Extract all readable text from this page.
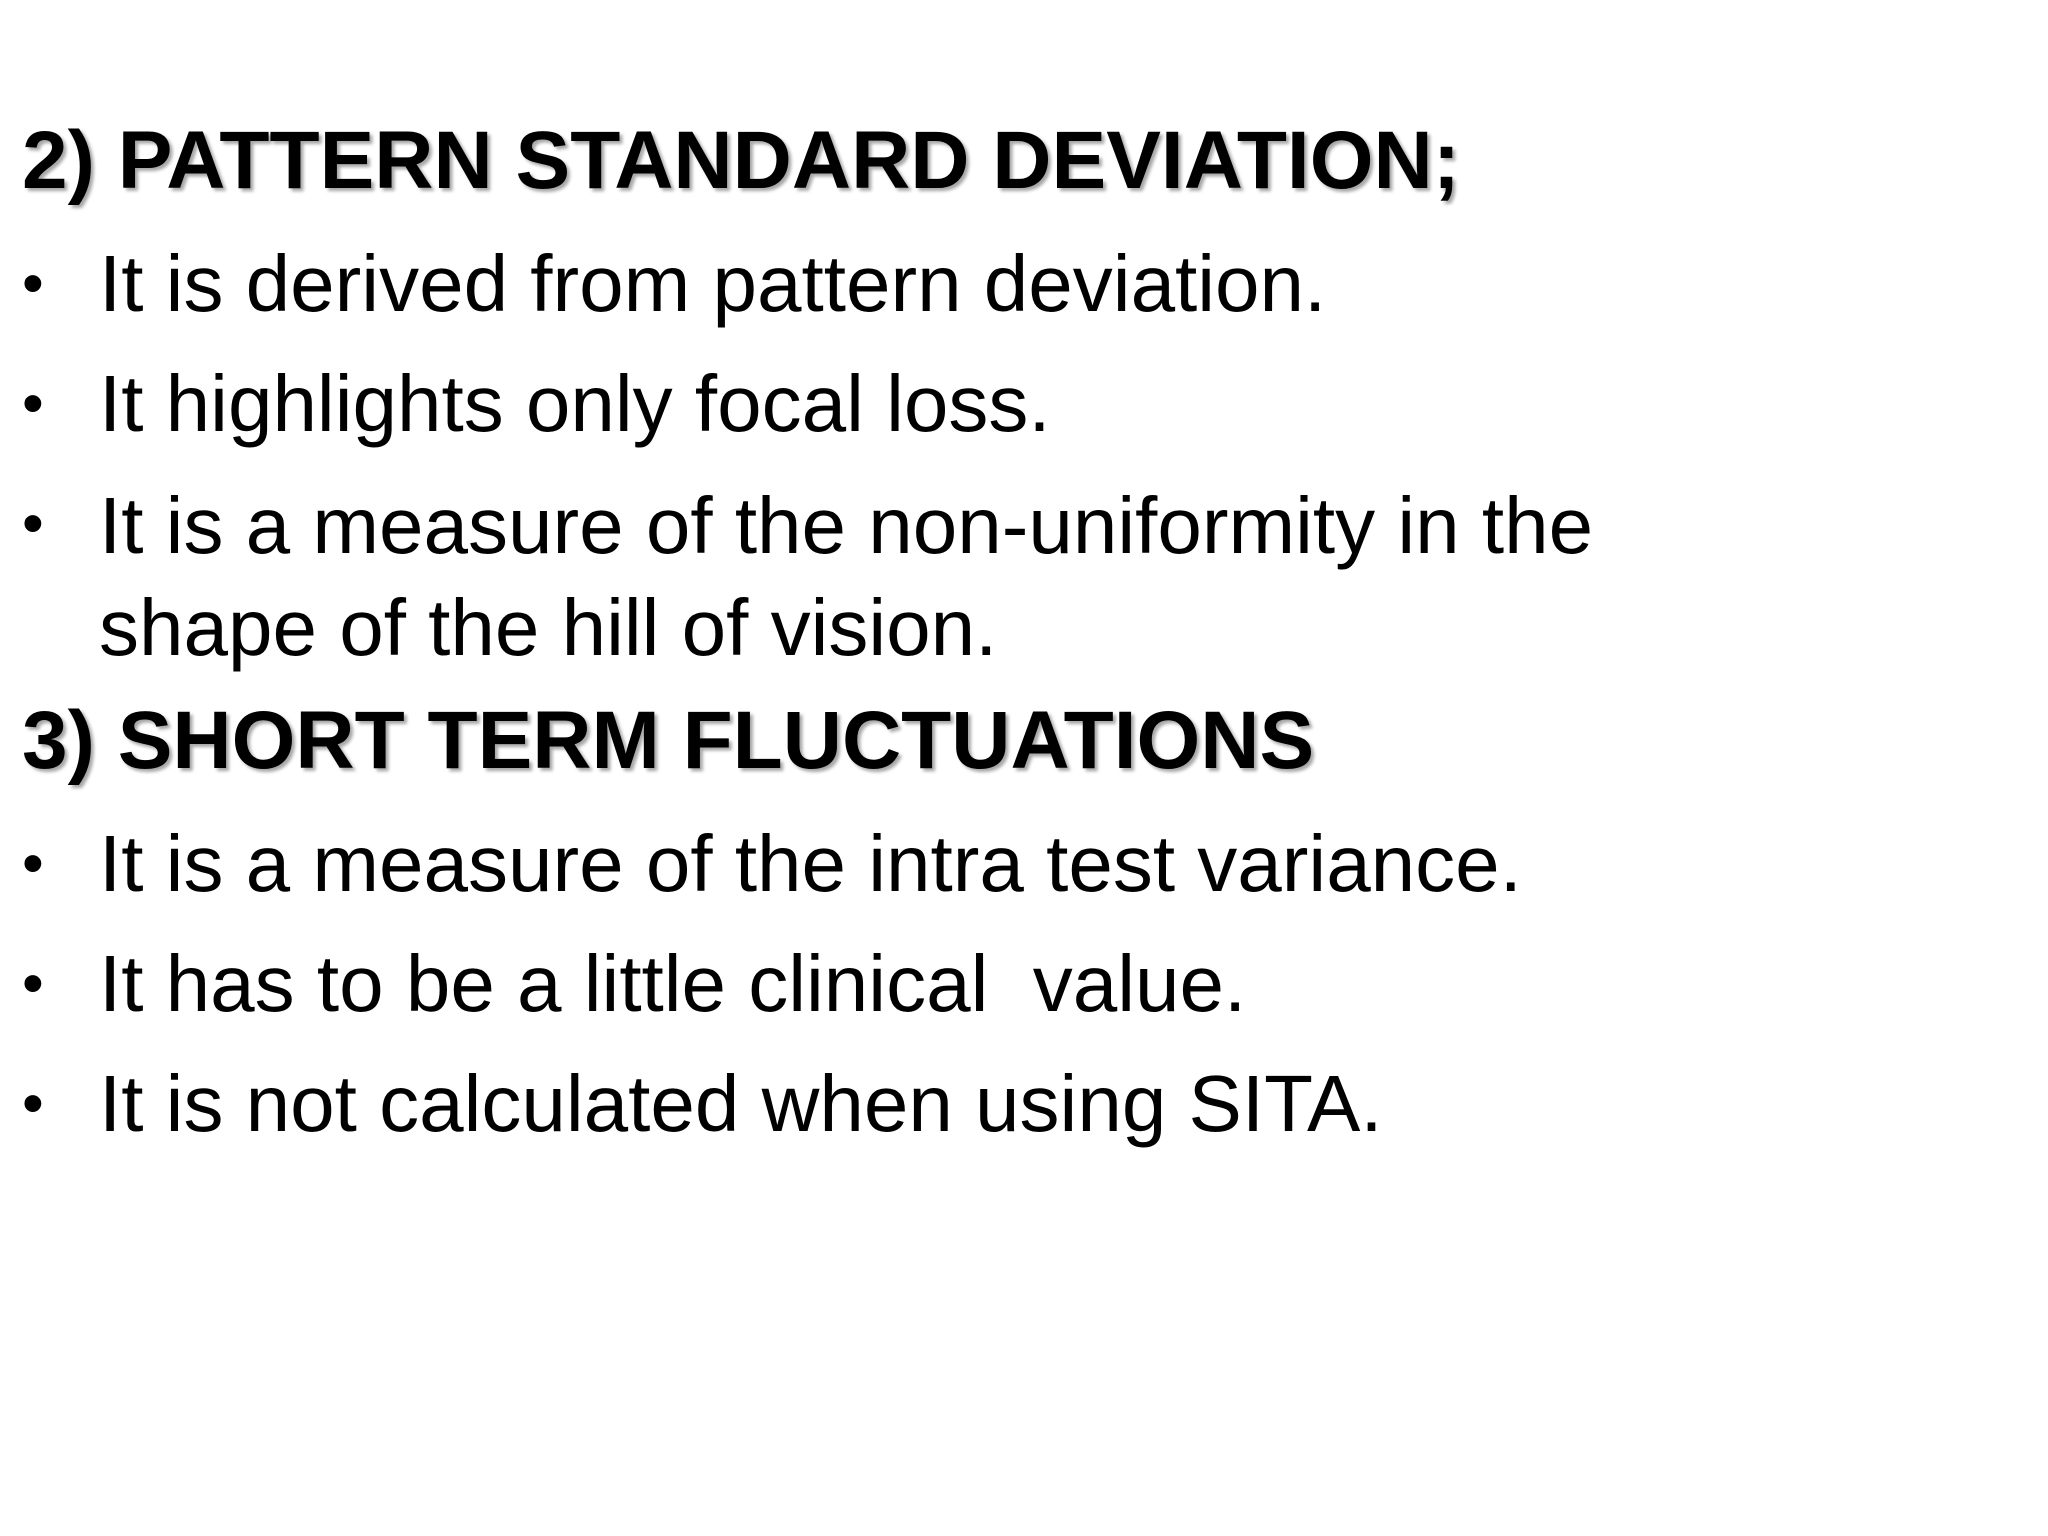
2) PATTERN STANDARD DEVIATION;
• It is derived from pattern deviation.
• It highlights only focal loss.
• It is a measure of the non-uniformity in the shape of the hill of vision.
3) SHORT TERM FLUCTUATIONS
• It is a measure of the intra test variance.
• It has to be a little clinical  value.
• It is not calculated when using SITA.
